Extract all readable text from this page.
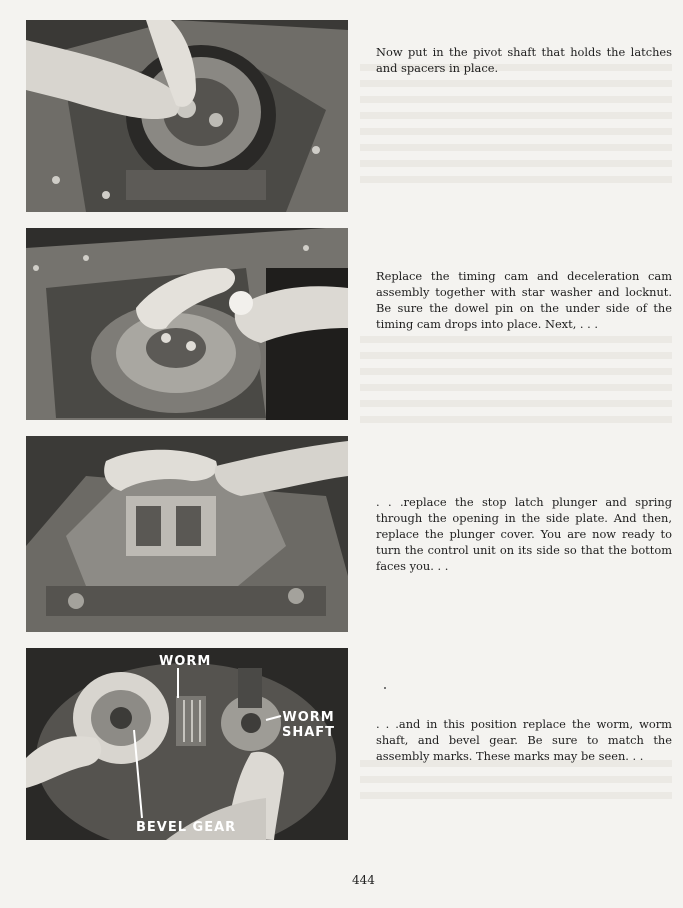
Now put in the pivot shaft that holds the latches and spacers in place.

Replace the timing cam and deceleration cam assembly together with star washer and locknut. Be sure the dowel pin on the under side of the timing cam drops into place. Next, . . .

. . .replace the stop latch plunger and spring through the opening in the side plate. And then, replace the plunger cover. You are now ready to turn the control unit on its side so that the bottom faces you. . .

WORM
WORM
SHAFT
BEVEL GEAR

. . .and in this position replace the worm, worm shaft, and bevel gear. Be sure to match the assembly marks. These marks may be seen. . .

444
